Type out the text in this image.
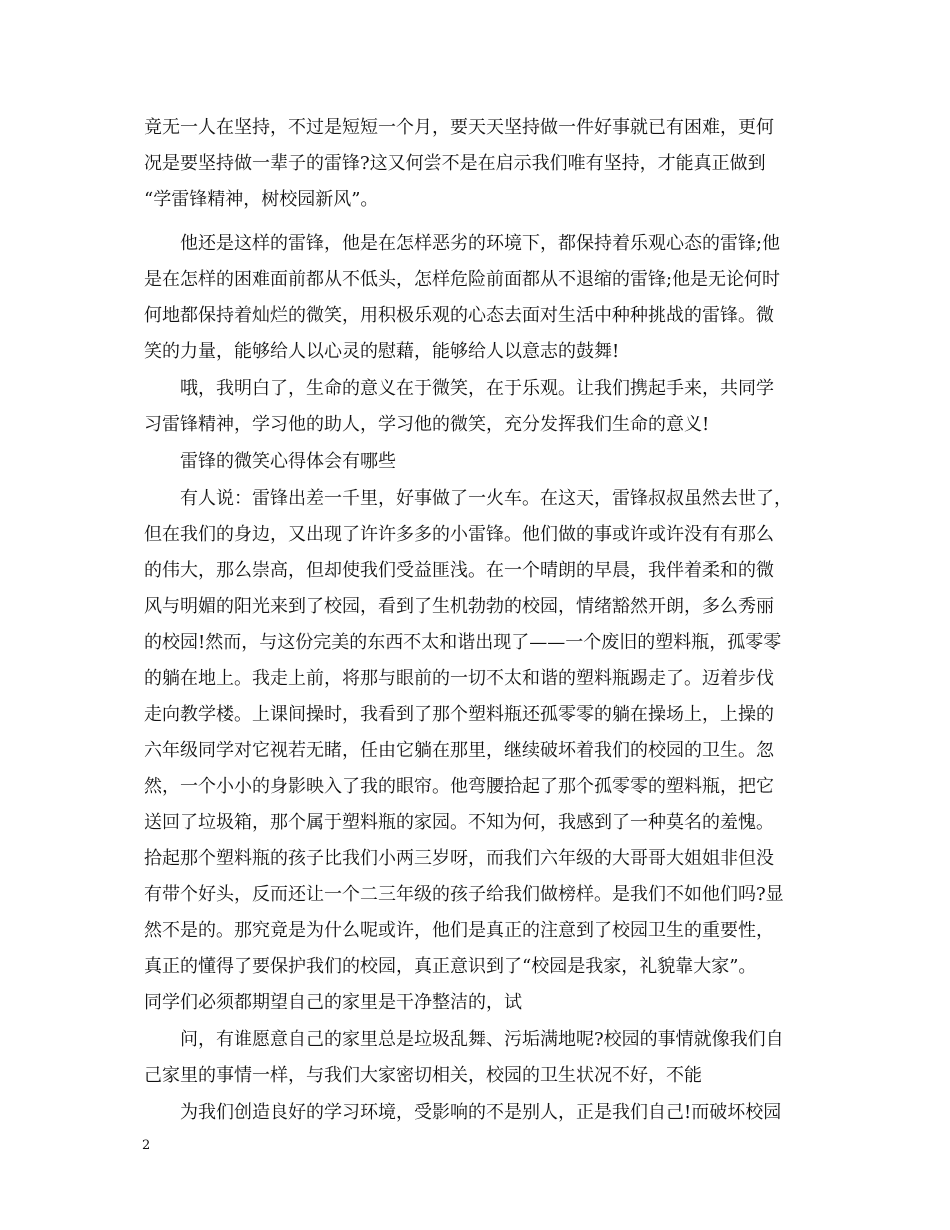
竟无一人在坚持，不过是短短一个月，要天天坚持做一件好事就已有困难，更何
况是要坚持做一辈子的雷锋?这又何尝不是在启示我们唯有坚持，才能真正做到
“学雷锋精神，树校园新风”。
他还是这样的雷锋，他是在怎样恶劣的环境下，都保持着乐观心态的雷锋;他
是在怎样的困难面前都从不低头，怎样危险前面都从不退缩的雷锋;他是无论何时
何地都保持着灿烂的微笑，用积极乐观的心态去面对生活中种种挑战的雷锋。微
笑的力量，能够给人以心灵的慰藉，能够给人以意志的鼓舞!
哦，我明白了，生命的意义在于微笑，在于乐观。让我们携起手来，共同学
习雷锋精神，学习他的助人，学习他的微笑，充分发挥我们生命的意义!
雷锋的微笑心得体会有哪些
有人说：雷锋出差一千里，好事做了一火车。在这天，雷锋叔叔虽然去世了，
但在我们的身边，又出现了许许多多的小雷锋。他们做的事或许或许没有有那么
的伟大，那么崇高，但却使我们受益匪浅。在一个晴朗的早晨，我伴着柔和的微
风与明媚的阳光来到了校园，看到了生机勃勃的校园，情绪豁然开朗，多么秀丽
的校园!然而，与这份完美的东西不太和谐出现了——一个废旧的塑料瓶，孤零零
的躺在地上。我走上前，将那与眼前的一切不太和谐的塑料瓶踢走了。迈着步伐
走向教学楼。上课间操时，我看到了那个塑料瓶还孤零零的躺在操场上，上操的
六年级同学对它视若无睹，任由它躺在那里，继续破坏着我们的校园的卫生。忽
然，一个小小的身影映入了我的眼帘。他弯腰拾起了那个孤零零的塑料瓶，把它
送回了垃圾箱，那个属于塑料瓶的家园。不知为何，我感到了一种莫名的羞愧。
拾起那个塑料瓶的孩子比我们小两三岁呀，而我们六年级的大哥哥大姐姐非但没
有带个好头，反而还让一个二三年级的孩子给我们做榜样。是我们不如他们吗?显
然不是的。那究竟是为什么呢或许，他们是真正的注意到了校园卫生的重要性，
真正的懂得了要保护我们的校园，真正意识到了“校园是我家，礼貌靠大家”。
同学们必须都期望自己的家里是干净整洁的，试
问，有谁愿意自己的家里总是垃圾乱舞、污垢满地呢?校园的事情就像我们自
己家里的事情一样，与我们大家密切相关，校园的卫生状况不好，不能
为我们创造良好的学习环境，受影响的不是别人，正是我们自己!而破坏校园
2
